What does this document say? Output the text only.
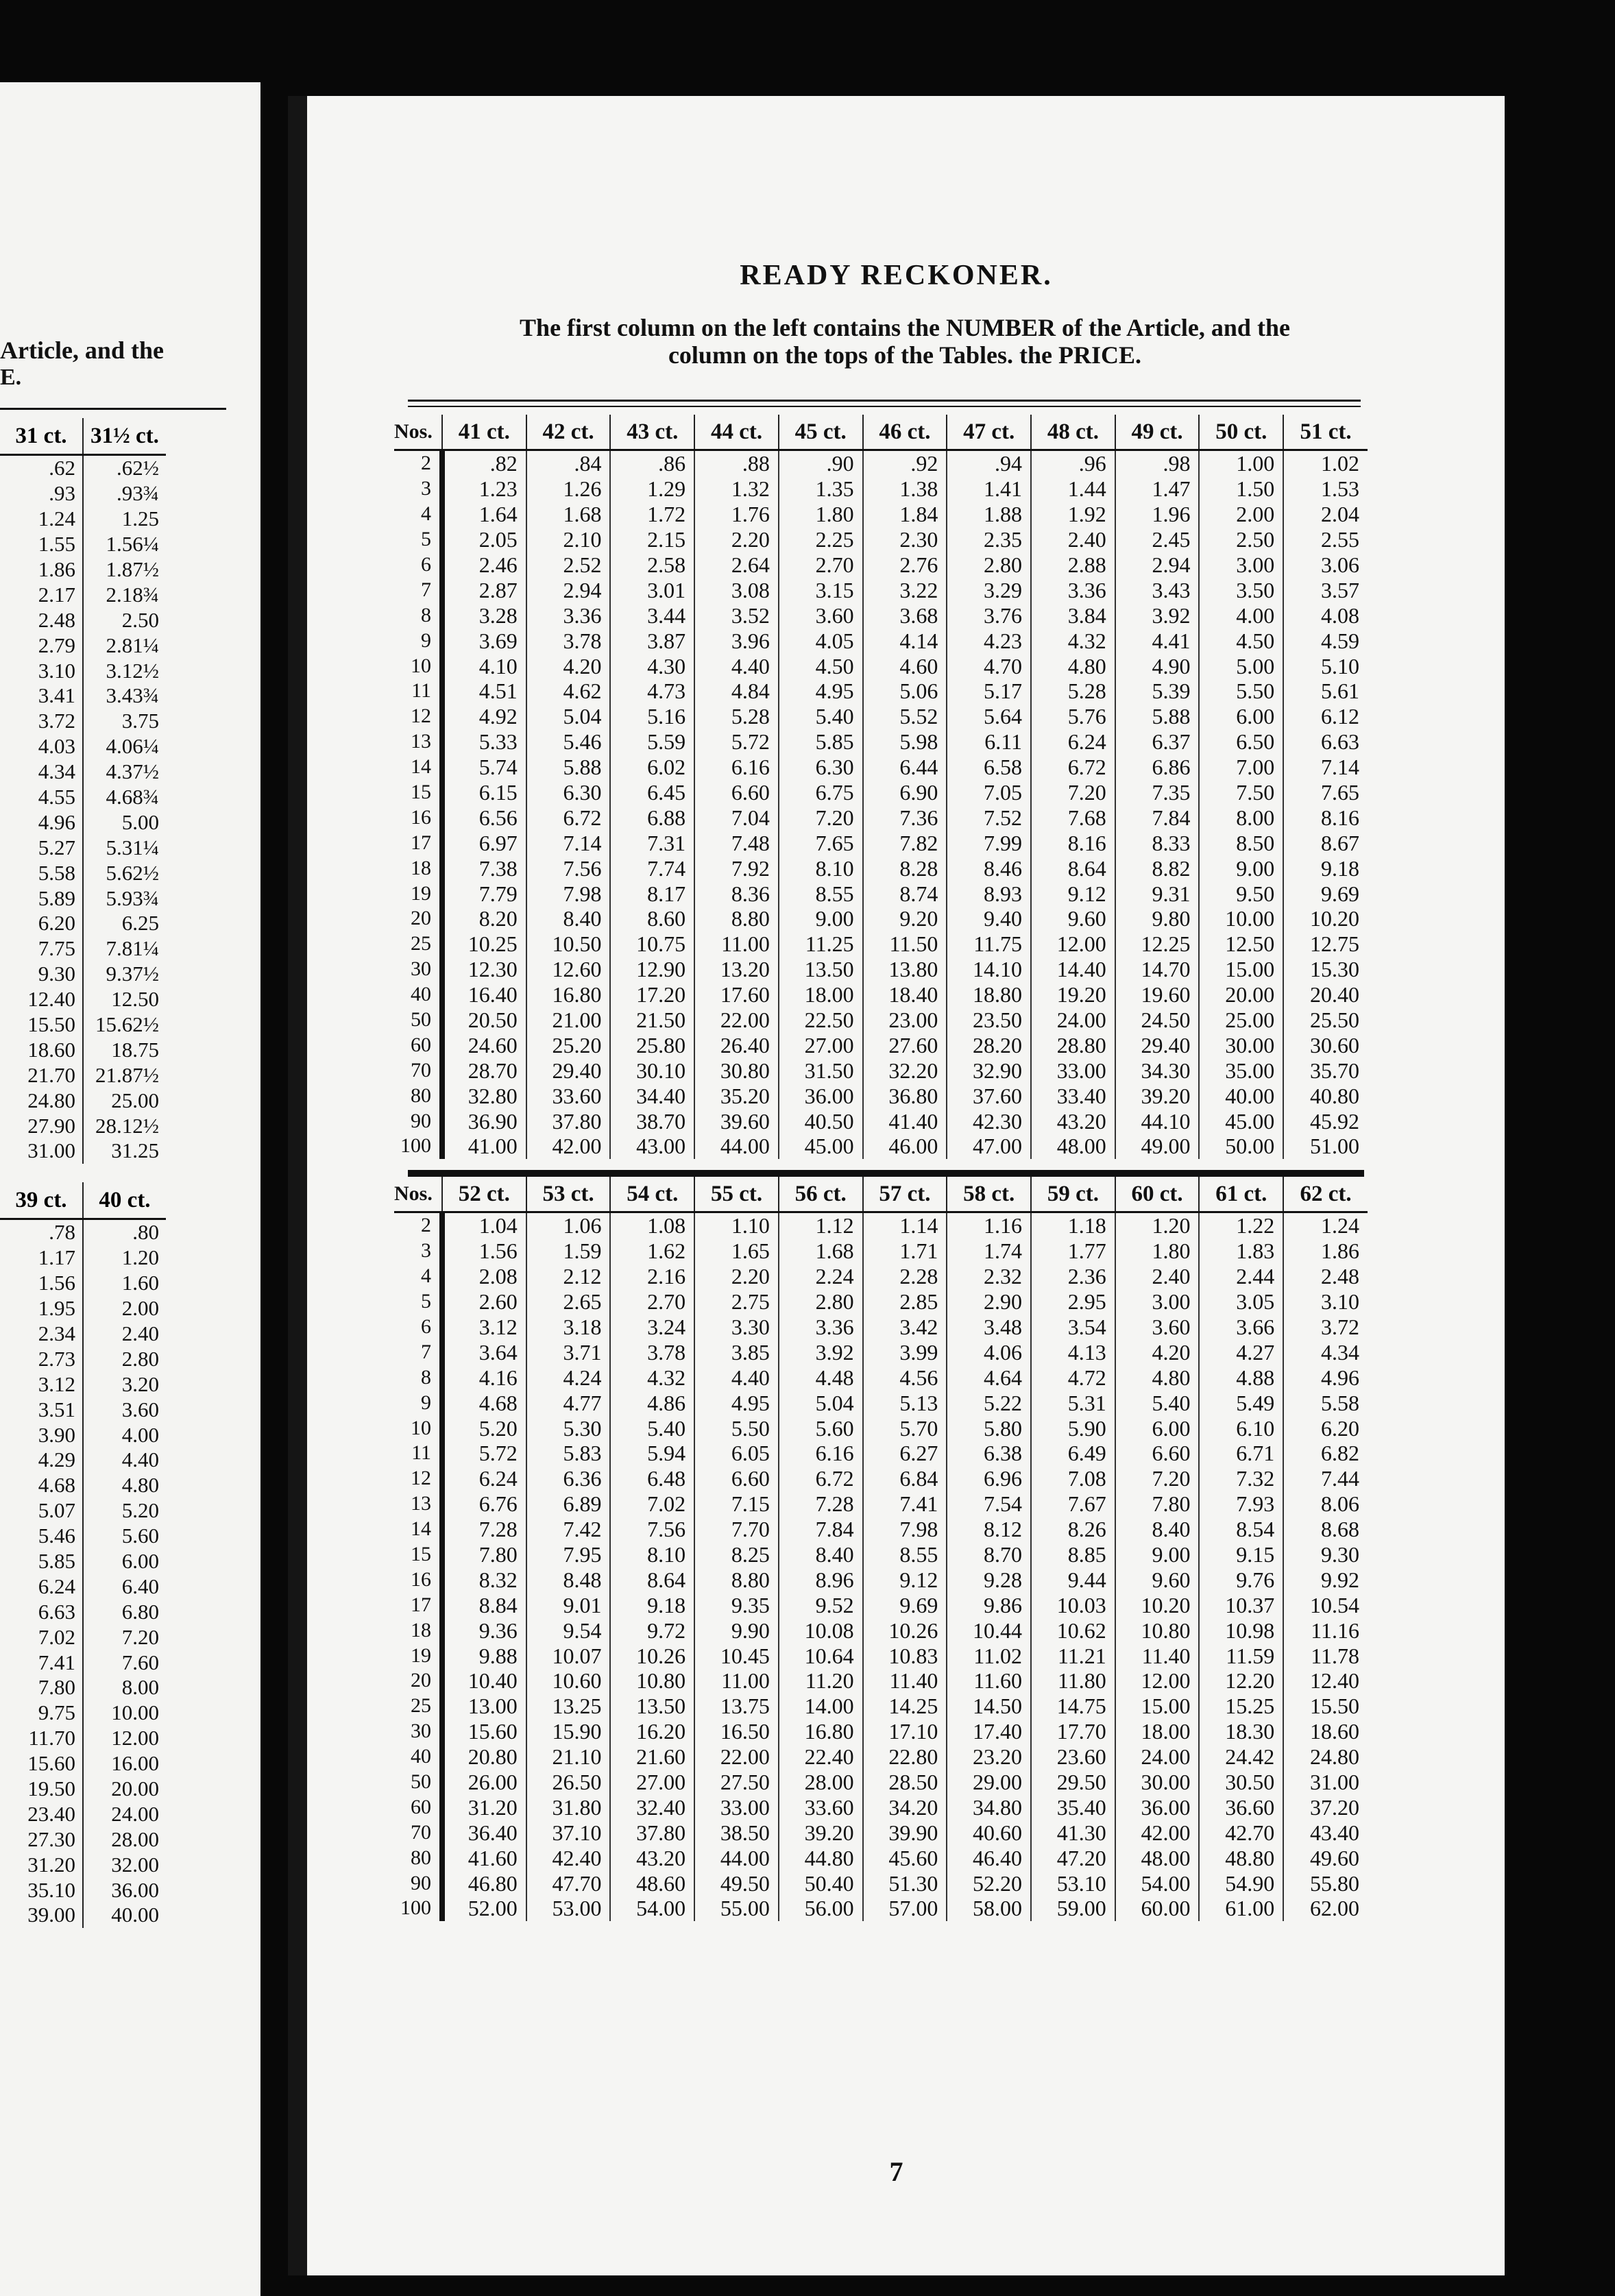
Article, and the
E.
31 ct.	31½ ct.
.62	.62½
.93	.93¾
1.24	1.25
1.55	1.56¼
1.86	1.87½
2.17	2.18¾
2.48	2.50
2.79	2.81¼
3.10	3.12½
3.41	3.43¾
3.72	3.75
4.03	4.06¼
4.34	4.37½
4.55	4.68¾
4.96	5.00
5.27	5.31¼
5.58	5.62½
5.89	5.93¾
6.20	6.25
7.75	7.81¼
9.30	9.37½
12.40	12.50
15.50	15.62½
18.60	18.75
21.70	21.87½
24.80	25.00
27.90	28.12½
31.00	31.25
39 ct.	40 ct.
.78	.80
1.17	1.20
1.56	1.60
1.95	2.00
2.34	2.40
2.73	2.80
3.12	3.20
3.51	3.60
3.90	4.00
4.29	4.40
4.68	4.80
5.07	5.20
5.46	5.60
5.85	6.00
6.24	6.40
6.63	6.80
7.02	7.20
7.41	7.60
7.80	8.00
9.75	10.00
11.70	12.00
15.60	16.00
19.50	20.00
23.40	24.00
27.30	28.00
31.20	32.00
35.10	36.00
39.00	40.00
READY RECKONER.
The first column on the left contains the NUMBER of the Article, and the
column on the tops of the Tables. the PRICE.
Nos.	41 ct.	42 ct.	43 ct.	44 ct.	45 ct.	46 ct.	47 ct.	48 ct.	49 ct.	50 ct.	51 ct.
2	.82	.84	.86	.88	.90	.92	.94	.96	.98	1.00	1.02
3	1.23	1.26	1.29	1.32	1.35	1.38	1.41	1.44	1.47	1.50	1.53
4	1.64	1.68	1.72	1.76	1.80	1.84	1.88	1.92	1.96	2.00	2.04
5	2.05	2.10	2.15	2.20	2.25	2.30	2.35	2.40	2.45	2.50	2.55
6	2.46	2.52	2.58	2.64	2.70	2.76	2.80	2.88	2.94	3.00	3.06
7	2.87	2.94	3.01	3.08	3.15	3.22	3.29	3.36	3.43	3.50	3.57
8	3.28	3.36	3.44	3.52	3.60	3.68	3.76	3.84	3.92	4.00	4.08
9	3.69	3.78	3.87	3.96	4.05	4.14	4.23	4.32	4.41	4.50	4.59
10	4.10	4.20	4.30	4.40	4.50	4.60	4.70	4.80	4.90	5.00	5.10
11	4.51	4.62	4.73	4.84	4.95	5.06	5.17	5.28	5.39	5.50	5.61
12	4.92	5.04	5.16	5.28	5.40	5.52	5.64	5.76	5.88	6.00	6.12
13	5.33	5.46	5.59	5.72	5.85	5.98	6.11	6.24	6.37	6.50	6.63
14	5.74	5.88	6.02	6.16	6.30	6.44	6.58	6.72	6.86	7.00	7.14
15	6.15	6.30	6.45	6.60	6.75	6.90	7.05	7.20	7.35	7.50	7.65
16	6.56	6.72	6.88	7.04	7.20	7.36	7.52	7.68	7.84	8.00	8.16
17	6.97	7.14	7.31	7.48	7.65	7.82	7.99	8.16	8.33	8.50	8.67
18	7.38	7.56	7.74	7.92	8.10	8.28	8.46	8.64	8.82	9.00	9.18
19	7.79	7.98	8.17	8.36	8.55	8.74	8.93	9.12	9.31	9.50	9.69
20	8.20	8.40	8.60	8.80	9.00	9.20	9.40	9.60	9.80	10.00	10.20
25	10.25	10.50	10.75	11.00	11.25	11.50	11.75	12.00	12.25	12.50	12.75
30	12.30	12.60	12.90	13.20	13.50	13.80	14.10	14.40	14.70	15.00	15.30
40	16.40	16.80	17.20	17.60	18.00	18.40	18.80	19.20	19.60	20.00	20.40
50	20.50	21.00	21.50	22.00	22.50	23.00	23.50	24.00	24.50	25.00	25.50
60	24.60	25.20	25.80	26.40	27.00	27.60	28.20	28.80	29.40	30.00	30.60
70	28.70	29.40	30.10	30.80	31.50	32.20	32.90	33.00	34.30	35.00	35.70
80	32.80	33.60	34.40	35.20	36.00	36.80	37.60	33.40	39.20	40.00	40.80
90	36.90	37.80	38.70	39.60	40.50	41.40	42.30	43.20	44.10	45.00	45.92
100	41.00	42.00	43.00	44.00	45.00	46.00	47.00	48.00	49.00	50.00	51.00
Nos.	52 ct.	53 ct.	54 ct.	55 ct.	56 ct.	57 ct.	58 ct.	59 ct.	60 ct.	61 ct.	62 ct.
2	1.04	1.06	1.08	1.10	1.12	1.14	1.16	1.18	1.20	1.22	1.24
3	1.56	1.59	1.62	1.65	1.68	1.71	1.74	1.77	1.80	1.83	1.86
4	2.08	2.12	2.16	2.20	2.24	2.28	2.32	2.36	2.40	2.44	2.48
5	2.60	2.65	2.70	2.75	2.80	2.85	2.90	2.95	3.00	3.05	3.10
6	3.12	3.18	3.24	3.30	3.36	3.42	3.48	3.54	3.60	3.66	3.72
7	3.64	3.71	3.78	3.85	3.92	3.99	4.06	4.13	4.20	4.27	4.34
8	4.16	4.24	4.32	4.40	4.48	4.56	4.64	4.72	4.80	4.88	4.96
9	4.68	4.77	4.86	4.95	5.04	5.13	5.22	5.31	5.40	5.49	5.58
10	5.20	5.30	5.40	5.50	5.60	5.70	5.80	5.90	6.00	6.10	6.20
11	5.72	5.83	5.94	6.05	6.16	6.27	6.38	6.49	6.60	6.71	6.82
12	6.24	6.36	6.48	6.60	6.72	6.84	6.96	7.08	7.20	7.32	7.44
13	6.76	6.89	7.02	7.15	7.28	7.41	7.54	7.67	7.80	7.93	8.06
14	7.28	7.42	7.56	7.70	7.84	7.98	8.12	8.26	8.40	8.54	8.68
15	7.80	7.95	8.10	8.25	8.40	8.55	8.70	8.85	9.00	9.15	9.30
16	8.32	8.48	8.64	8.80	8.96	9.12	9.28	9.44	9.60	9.76	9.92
17	8.84	9.01	9.18	9.35	9.52	9.69	9.86	10.03	10.20	10.37	10.54
18	9.36	9.54	9.72	9.90	10.08	10.26	10.44	10.62	10.80	10.98	11.16
19	9.88	10.07	10.26	10.45	10.64	10.83	11.02	11.21	11.40	11.59	11.78
20	10.40	10.60	10.80	11.00	11.20	11.40	11.60	11.80	12.00	12.20	12.40
25	13.00	13.25	13.50	13.75	14.00	14.25	14.50	14.75	15.00	15.25	15.50
30	15.60	15.90	16.20	16.50	16.80	17.10	17.40	17.70	18.00	18.30	18.60
40	20.80	21.10	21.60	22.00	22.40	22.80	23.20	23.60	24.00	24.42	24.80
50	26.00	26.50	27.00	27.50	28.00	28.50	29.00	29.50	30.00	30.50	31.00
60	31.20	31.80	32.40	33.00	33.60	34.20	34.80	35.40	36.00	36.60	37.20
70	36.40	37.10	37.80	38.50	39.20	39.90	40.60	41.30	42.00	42.70	43.40
80	41.60	42.40	43.20	44.00	44.80	45.60	46.40	47.20	48.00	48.80	49.60
90	46.80	47.70	48.60	49.50	50.40	51.30	52.20	53.10	54.00	54.90	55.80
100	52.00	53.00	54.00	55.00	56.00	57.00	58.00	59.00	60.00	61.00	62.00
7
